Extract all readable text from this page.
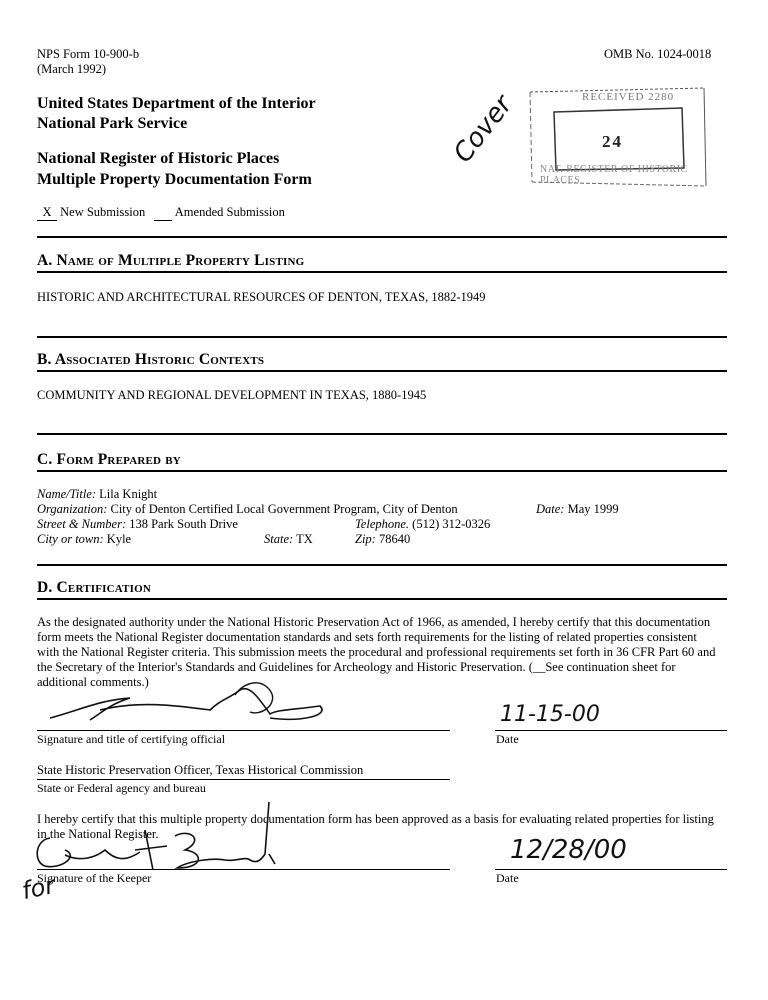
NPS Form 10-900-b
(March 1992)
OMB No. 1024-0018
United States Department of the Interior
National Park Service
National Register of Historic Places
Multiple Property Documentation Form
X New Submission Amended Submission
Cover	RECEIVED 2280
24
NAT. REGISTER OF HISTORIC PLACES
A. Name of Multiple Property Listing
HISTORIC AND ARCHITECTURAL RESOURCES OF DENTON, TEXAS, 1882-1949
B. Associated Historic Contexts
COMMUNITY AND REGIONAL DEVELOPMENT IN TEXAS, 1880-1945
C. Form Prepared by
Name/Title: Lila Knight
Organization: City of Denton Certified Local Government Program, City of Denton	Date: May 1999
Street & Number: 138 Park South Drive	Telephone. (512) 312-0326
City or town: Kyle	State: TX	Zip: 78640
D. Certification
As the designated authority under the National Historic Preservation Act of 1966, as amended, I hereby certify that this documentation
form meets the National Register documentation standards and sets forth requirements for the listing of related properties consistent
with the National Register criteria. This submission meets the procedural and professional requirements set forth in 36 CFR Part 60 and
the Secretary of the Interior's Standards and Guidelines for Archeology and Historic Preservation. (__See continuation sheet for
additional comments.)
Signature and title of certifying official
11-15-00
Date
State Historic Preservation Officer, Texas Historical Commission
State or Federal agency and bureau
I hereby certify that this multiple property documentation form has been approved as a basis for evaluating related properties for listing
in the National Register.
Signature of the Keeper
12/28/00
Date
for
